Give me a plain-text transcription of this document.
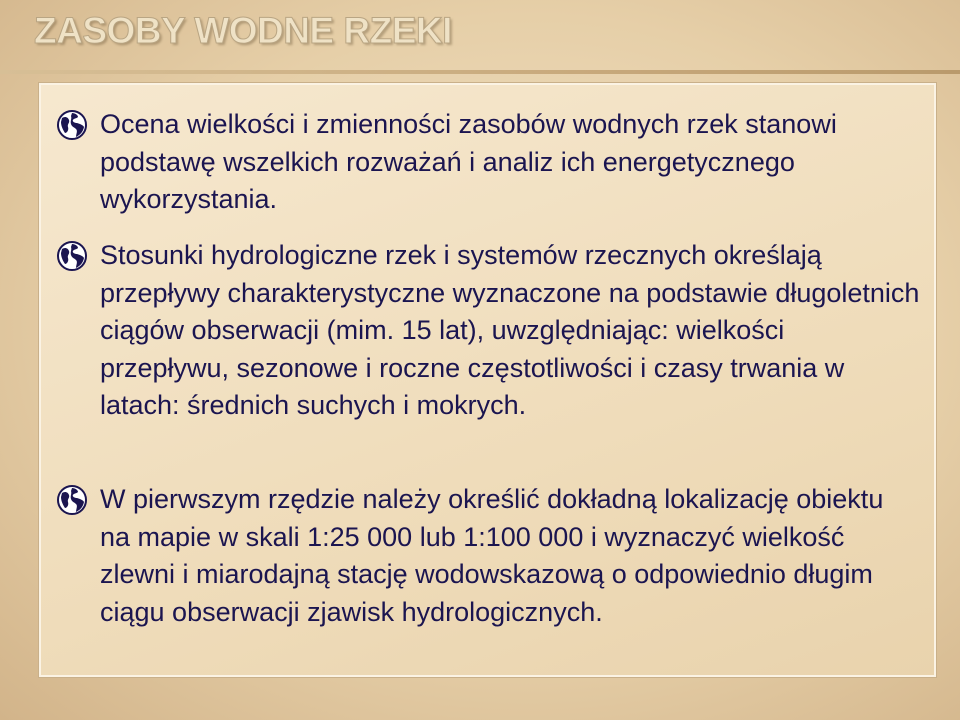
ZASOBY WODNE RZEKI

Ocena wielkości i zmienności zasobów wodnych rzek stanowi podstawę wszelkich rozważań i analiz ich energetycznego wykorzystania.

Stosunki hydrologiczne rzek i systemów rzecznych określają przepływy charakterystyczne wyznaczone na podstawie długoletnich ciągów obserwacji (mim. 15 lat), uwzględniając: wielkości przepływu, sezonowe i roczne częstotliwości i czasy trwania w latach: średnich suchych i mokrych.

W pierwszym rzędzie należy określić dokładną lokalizację obiektu na mapie w skali 1:25 000 lub 1:100 000 i wyznaczyć wielkość zlewni i miarodajną stację wodowskazową o odpowiednio długim ciągu obserwacji zjawisk hydrologicznych.
